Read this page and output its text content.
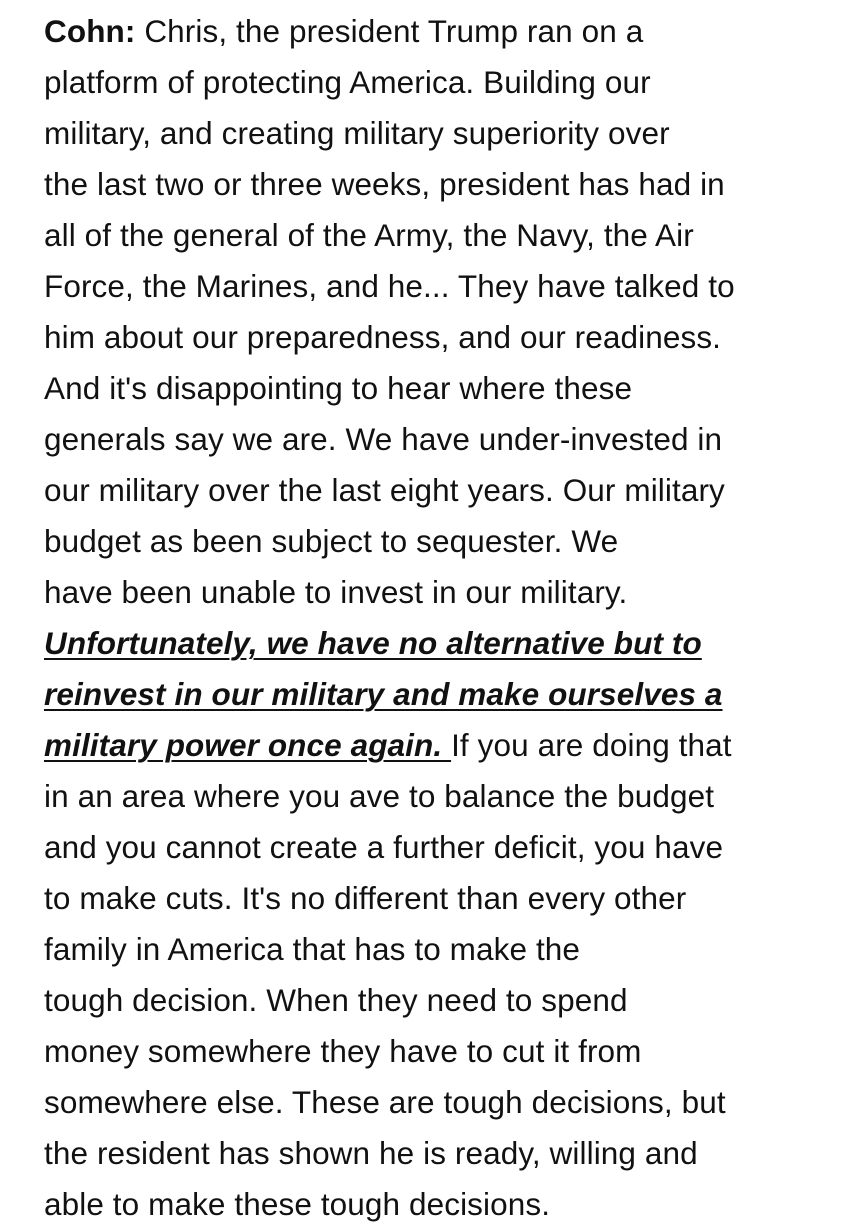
Cohn: Chris, the president Trump ran on a
platform of protecting America. Building our
military, and creating military superiority over
the last two or three weeks, president has had in
all of the general of the Army, the Navy, the Air
Force, the Marines, and he... They have talked to
him about our preparedness, and our readiness.
And it's disappointing to hear where these
generals say we are. We have under-invested in
our military over the last eight years. Our military
budget as been subject to sequester. We
have been unable to invest in our military.
Unfortunately, we have no alternative but to
reinvest in our military and make ourselves a
military power once again. If you are doing that
in an area where you ave to balance the budget
and you cannot create a further deficit, you have
to make cuts. It's no different than every other
family in America that has to make the
tough decision. When they need to spend
money somewhere they have to cut it from
somewhere else. These are tough decisions, but
the resident has shown he is ready, willing and
able to make these tough decisions.
